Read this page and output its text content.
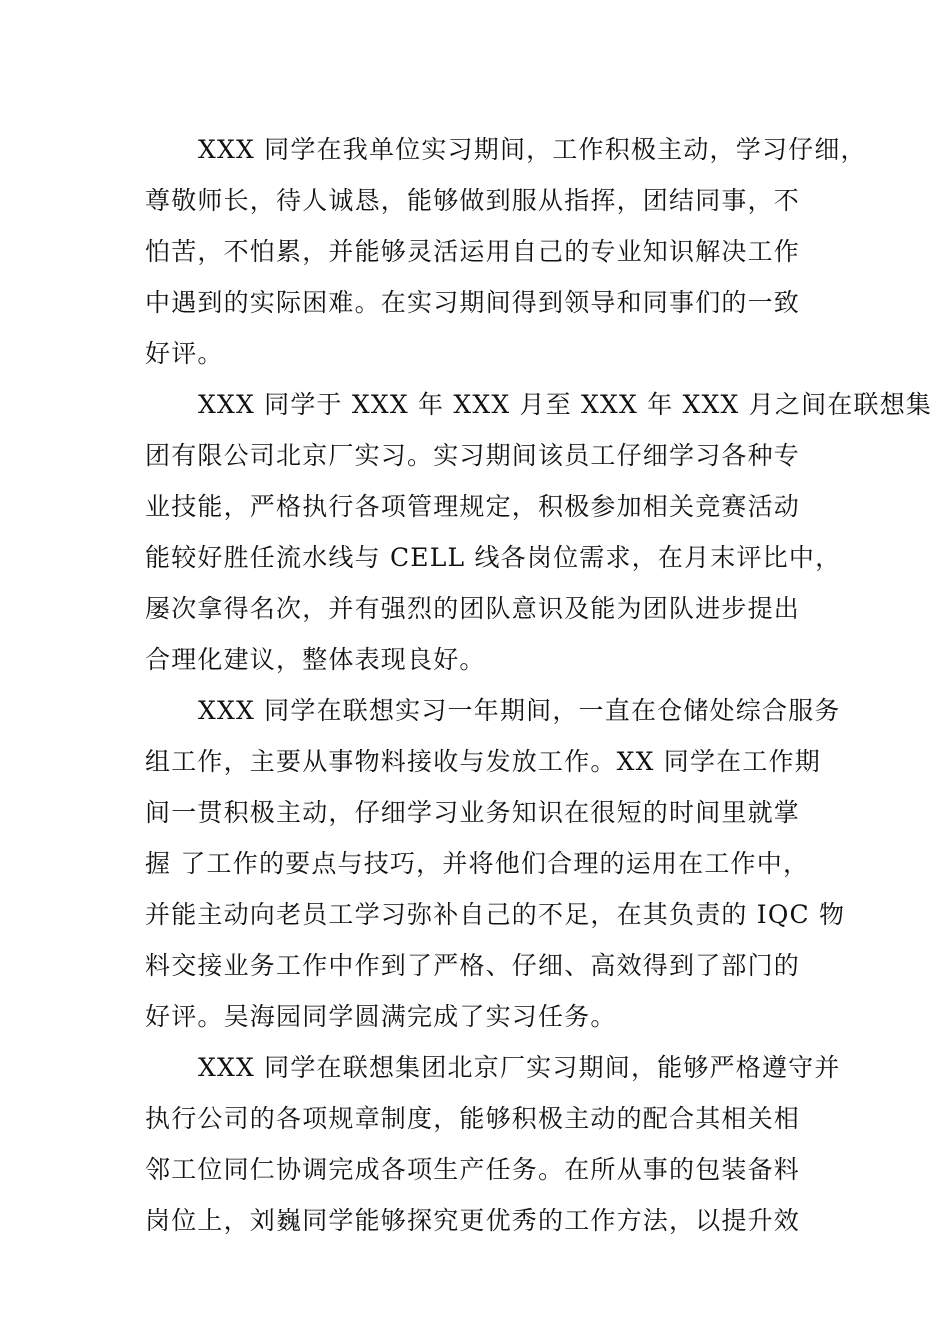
XXX 同学在我单位实习期间，工作积极主动，学习仔细，
尊敬师长，待人诚恳，能够做到服从指挥，团结同事，不
怕苦，不怕累，并能够灵活运用自己的专业知识解决工作
中遇到的实际困难。在实习期间得到领导和同事们的一致
好评。
XXX 同学于 XXX 年 XXX 月至 XXX 年 XXX 月之间在联想集
团有限公司北京厂实习。实习期间该员工仔细学习各种专
业技能，严格执行各项管理规定，积极参加相关竞赛活动
能较好胜任流水线与 CELL 线各岗位需求，在月末评比中，
屡次拿得名次，并有强烈的团队意识及能为团队进步提出
合理化建议，整体表现良好。
XXX 同学在联想实习一年期间，一直在仓储处综合服务
组工作，主要从事物料接收与发放工作。XX 同学在工作期
间一贯积极主动，仔细学习业务知识在很短的时间里就掌
握 了工作的要点与技巧，并将他们合理的运用在工作中，
并能主动向老员工学习弥补自己的不足，在其负责的 IQC 物
料交接业务工作中作到了严格、仔细、高效得到了部门的
好评。吴海园同学圆满完成了实习任务。
XXX 同学在联想集团北京厂实习期间，能够严格遵守并
执行公司的各项规章制度，能够积极主动的配合其相关相
邻工位同仁协调完成各项生产任务。在所从事的包装备料
岗位上，刘巍同学能够探究更优秀的工作方法，以提升效
